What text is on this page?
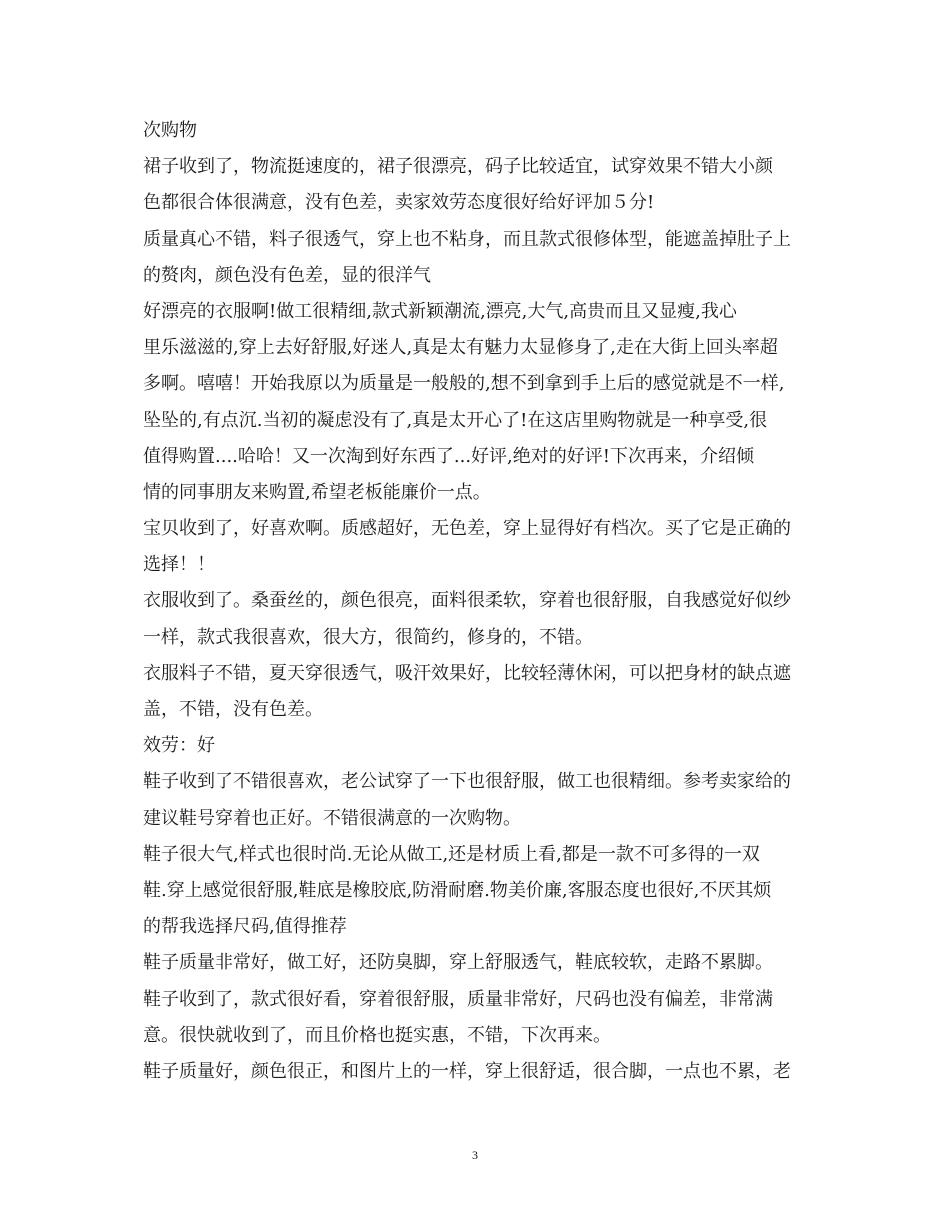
次购物
裙子收到了，物流挺速度的，裙子很漂亮，码子比较适宜，试穿效果不错大小颜
色都很合体很满意，没有色差，卖家效劳态度很好给好评加５分!
质量真心不错，料子很透气，穿上也不粘身，而且款式很修体型，能遮盖掉肚子上
的赘肉，颜色没有色差，显的很洋气
好漂亮的衣服啊!做工很精细,款式新颖潮流,漂亮,大气,高贵而且又显瘦,我心
里乐滋滋的,穿上去好舒服,好迷人,真是太有魅力太显修身了,走在大街上回头率超
多啊。嘻嘻！开始我原以为质量是一般般的,想不到拿到手上后的感觉就是不一样,
坠坠的,有点沉.当初的凝虑没有了,真是太开心了!在这店里购物就是一种享受,很
值得购置....哈哈！又一次淘到好东西了...好评,绝对的好评!下次再来，介绍倾
情的同事朋友来购置,希望老板能廉价一点。
宝贝收到了，好喜欢啊。质感超好，无色差，穿上显得好有档次。买了它是正确的
选择！！
衣服收到了。桑蚕丝的，颜色很亮，面料很柔软，穿着也很舒服，自我感觉好似纱
一样，款式我很喜欢，很大方，很简约，修身的，不错。
衣服料子不错，夏天穿很透气，吸汗效果好，比较轻薄休闲，可以把身材的缺点遮
盖，不错，没有色差。
效劳：好
鞋子收到了不错很喜欢，老公试穿了一下也很舒服，做工也很精细。参考卖家给的
建议鞋号穿着也正好。不错很满意的一次购物。
鞋子很大气,样式也很时尚.无论从做工,还是材质上看,都是一款不可多得的一双
鞋.穿上感觉很舒服,鞋底是橡胶底,防滑耐磨.物美价廉,客服态度也很好,不厌其烦
的帮我选择尺码,值得推荐
鞋子质量非常好，做工好，还防臭脚，穿上舒服透气，鞋底较软，走路不累脚。
鞋子收到了，款式很好看，穿着很舒服，质量非常好，尺码也没有偏差，非常满
意。很快就收到了，而且价格也挺实惠，不错，下次再来。
鞋子质量好，颜色很正，和图片上的一样，穿上很舒适，很合脚，一点也不累，老
3
